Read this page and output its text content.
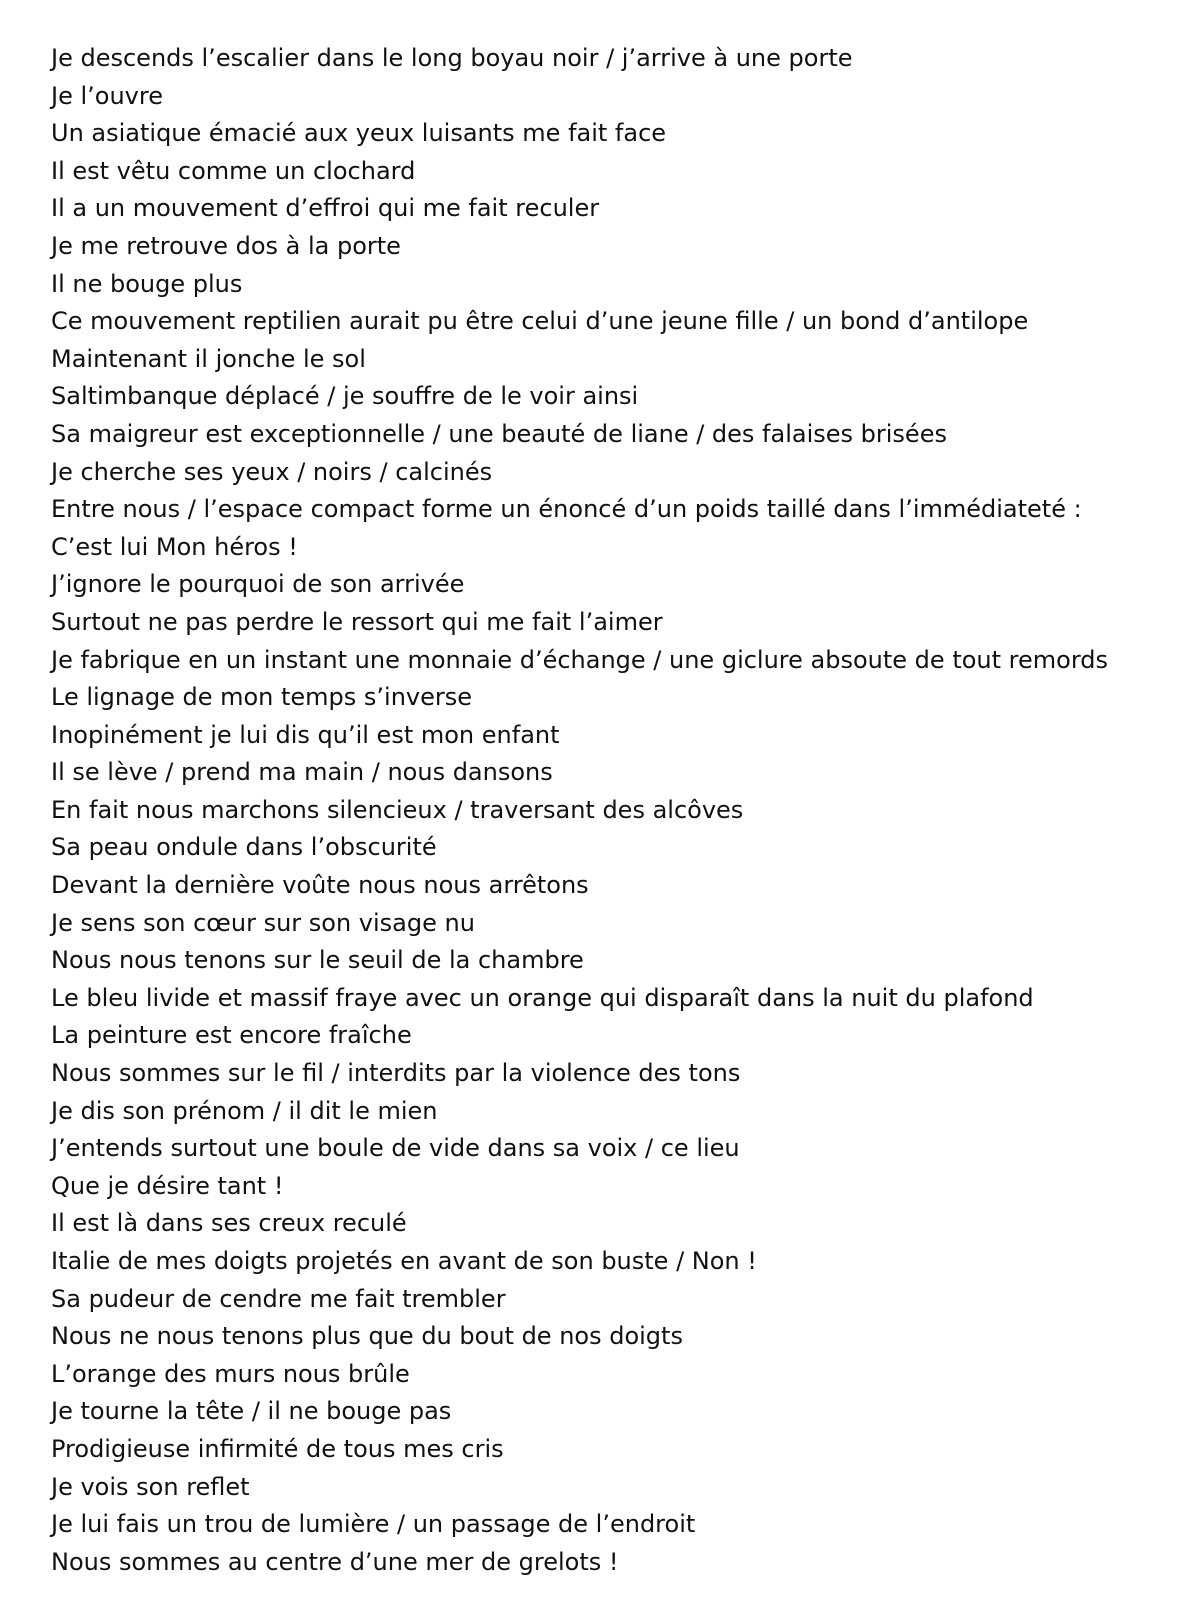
Je descends l’escalier dans le long boyau noir / j’arrive à une porte
Je l’ouvre
Un asiatique émacié aux yeux luisants me fait face
Il est vêtu comme un clochard
Il a un mouvement d’effroi qui me fait reculer
Je me retrouve dos à la porte
Il ne bouge plus
Ce mouvement reptilien aurait pu être celui d’une jeune fille / un bond d’antilope
Maintenant il jonche le sol
Saltimbanque déplacé / je souffre de le voir ainsi
Sa maigreur est exceptionnelle / une beauté de liane / des falaises brisées
Je cherche ses yeux / noirs / calcinés
Entre nous / l’espace compact forme un énoncé d’un poids taillé dans l’immédiateté :
C’est lui Mon héros !
J’ignore le pourquoi de son arrivée
Surtout ne pas perdre le ressort qui me fait l’aimer
Je fabrique en un instant une monnaie d’échange / une giclure absoute de tout remords
Le lignage de mon temps s’inverse
Inopinément je lui dis qu’il est mon enfant
Il se lève / prend ma main / nous dansons
En fait nous marchons silencieux / traversant des alcôves
Sa peau ondule dans l’obscurité
Devant la dernière voûte nous nous arrêtons
Je sens son cœur sur son visage nu
Nous nous tenons sur le seuil de la chambre
Le bleu livide et massif fraye avec un orange qui disparaît dans la nuit du plafond
La peinture est encore fraîche
Nous sommes sur le fil / interdits par la violence des tons
Je dis son prénom / il dit le mien
J’entends surtout une boule de vide dans sa voix / ce lieu
Que je désire tant !
Il est là dans ses creux reculé
Italie de mes doigts projetés en avant de son buste / Non !
Sa pudeur de cendre me fait trembler
Nous ne nous tenons plus que du bout de nos doigts
L’orange des murs nous brûle
Je tourne la tête / il ne bouge pas
Prodigieuse infirmité de tous mes cris
Je vois son reflet
Je lui fais un trou de lumière / un passage de l’endroit
Nous sommes au centre d’une mer de grelots !
